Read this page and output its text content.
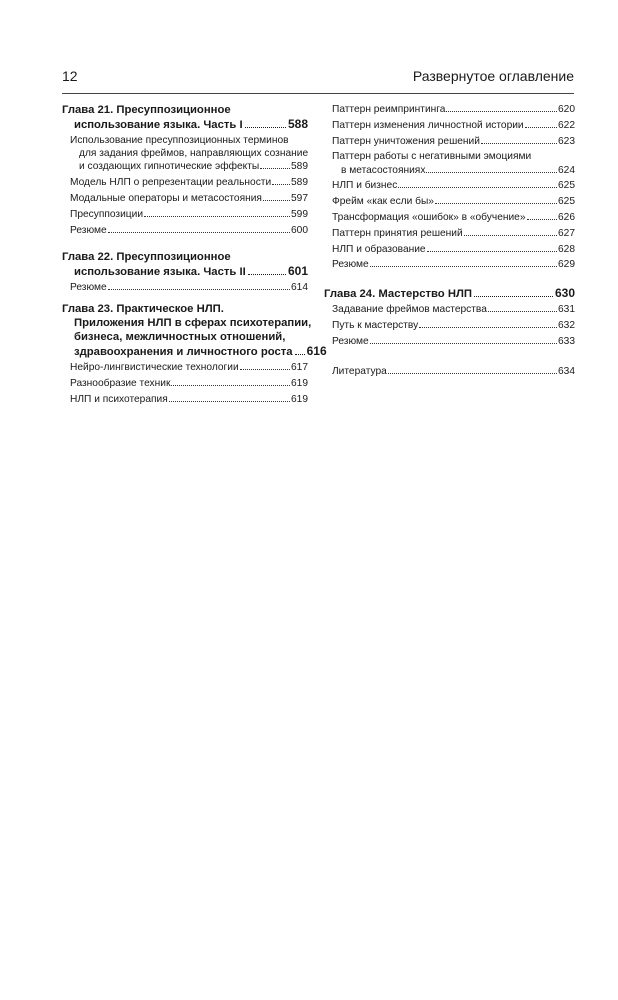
12	Развернутое оглавление
Глава 21. Пресуппозиционное
использование языка. Часть I	588
Использование пресуппозиционных терминов
для задания фреймов, направляющих сознание
и создающих гипнотические эффекты	589
Модель НЛП о репрезентации реальности 589
Модальные операторы и метасостояния	597
Пресуппозиции	599
Резюме	600
Глава 22. Пресуппозиционное
использование языка. Часть II	601
Резюме	614
Глава 23. Практическое НЛП.
Приложения НЛП в сферах психотерапии,
бизнеса, межличностных отношений,
здравоохранения и личностного роста 616
Нейро-лингвистические технологии	617
Разнообразие техник	619
НЛП и психотерапия	619
Паттерн реимпринтинга	620
Паттерн изменения личностной истории	622
Паттерн уничтожения решений	623
Паттерн работы с негативными эмоциями
в метасостояниях	624
НЛП и бизнес	625
Фрейм «как если бы»	625
Трансформация «ошибок» в «обучение»	626
Паттерн принятия решений	627
НЛП и образование	628
Резюме	629
Глава 24. Мастерство НЛП	630
Задавание фреймов мастерства	631
Путь к мастерству	632
Резюме	633
Литература	634
